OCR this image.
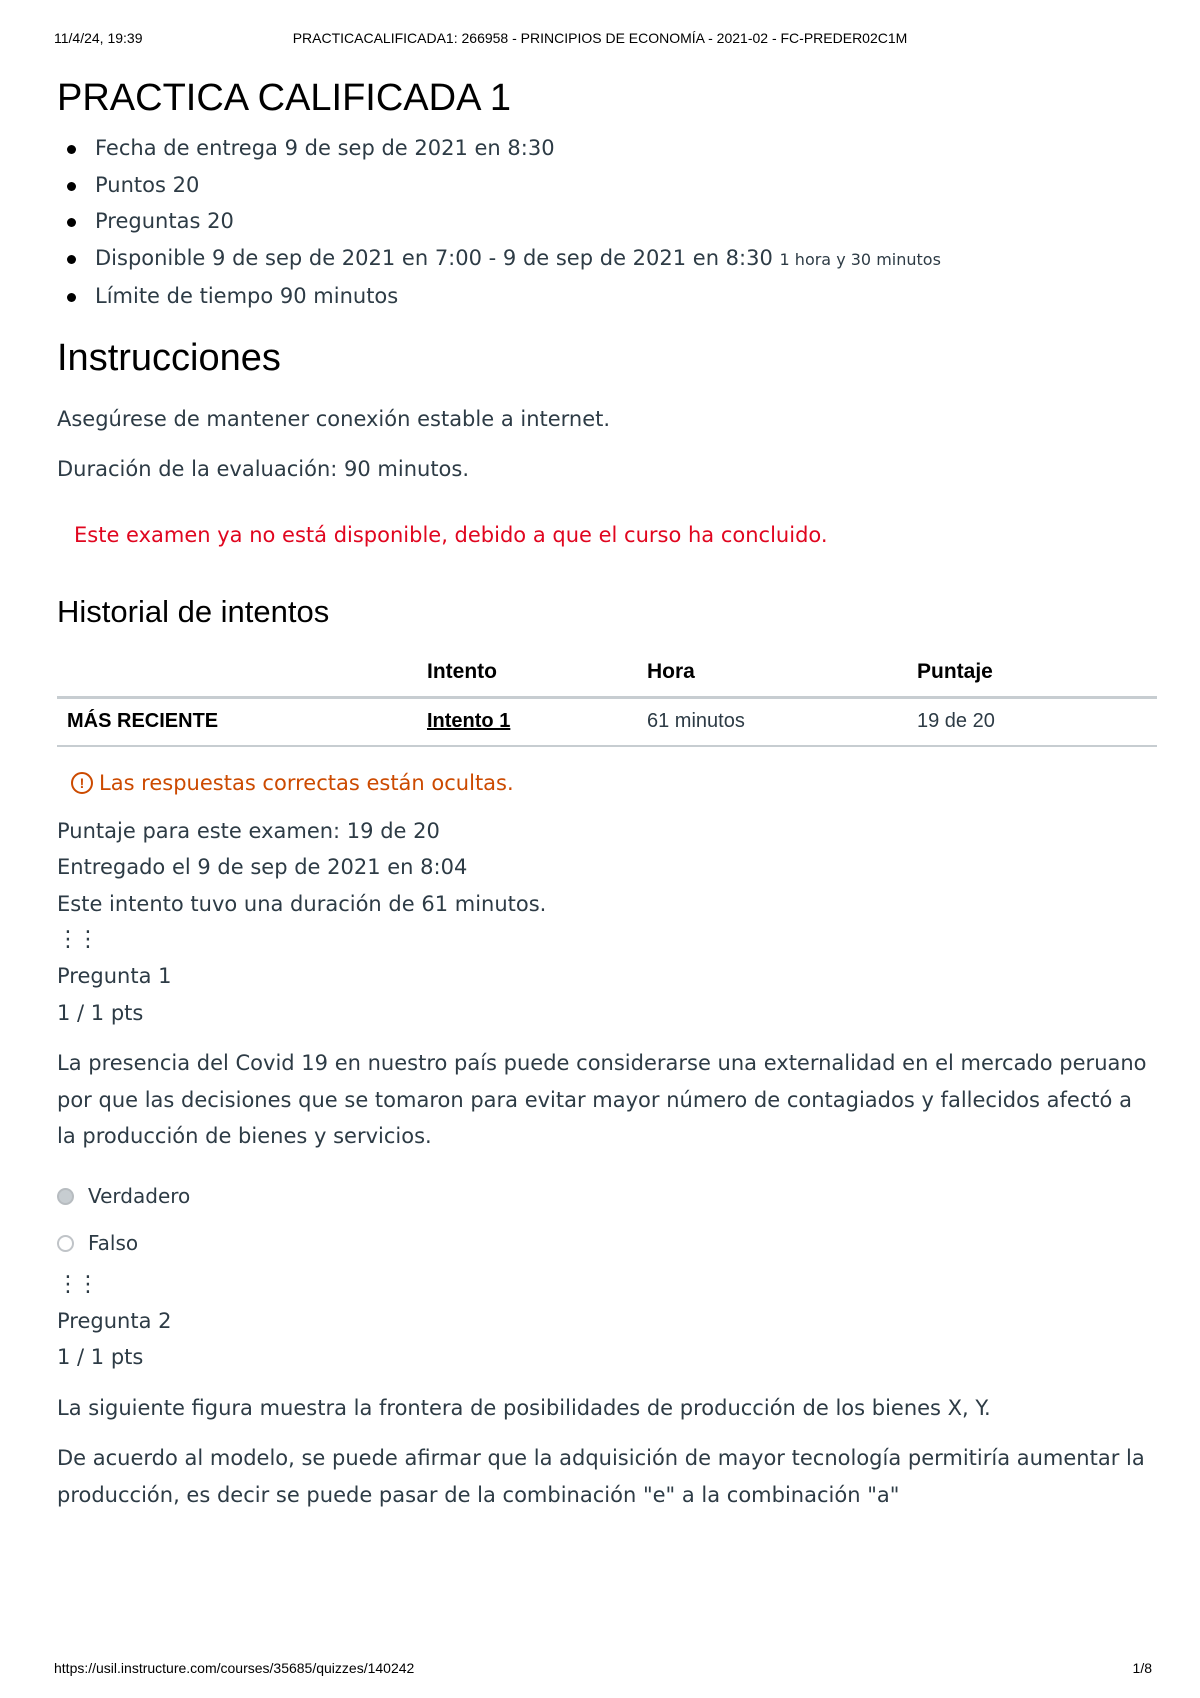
11/4/24, 19:39	PRACTICACALIFICADA1: 266958 - PRINCIPIOS DE ECONOMÍA - 2021-02 - FC-PREDER02C1M
PRACTICA CALIFICADA 1
Fecha de entrega 9 de sep de 2021 en 8:30
Puntos 20
Preguntas 20
Disponible 9 de sep de 2021 en 7:00 - 9 de sep de 2021 en 8:30 1 hora y 30 minutos
Límite de tiempo 90 minutos
Instrucciones

Asegúrese de mantener conexión estable a internet.

Duración de la evaluación: 90 minutos.

Este examen ya no está disponible, debido a que el curso ha concluido.
Historial de intentos
	Intento	Hora	Puntaje
MÁS RECIENTE	Intento 1	61 minutos	19 de 20
! Las respuestas correctas están ocultas.

Puntaje para este examen: 19 de 20

Entregado el 9 de sep de 2021 en 8:04

Este intento tuvo una duración de 61 minutos.

⋮⋮

Pregunta 1

1 / 1 pts

La presencia del Covid 19 en nuestro país puede considerarse una externalidad en el mercado peruano por que las decisiones que se tomaron para evitar mayor número de contagiados y fallecidos afectó a la producción de bienes y servicios.

Verdadero
Falso
⋮⋮

Pregunta 2

1 / 1 pts

La siguiente figura muestra la frontera de posibilidades de producción de los bienes X, Y.

De acuerdo al modelo, se puede afirmar que la adquisición de mayor tecnología permitiría aumentar la producción, es decir se puede pasar de la combinación "e" a la combinación "a"

https://usil.instructure.com/courses/35685/quizzes/140242	1/8
